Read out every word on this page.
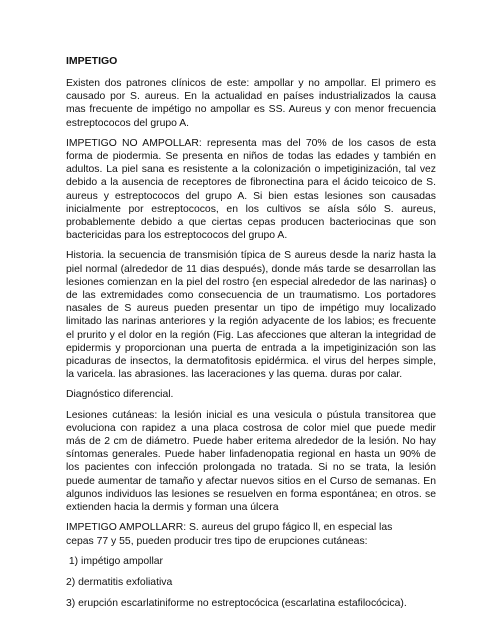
IMPETIGO

Existen dos patrones clínicos de este: ampollar y no ampollar. El primero es causado por S. aureus. En la actualidad en países industrializados la causa mas frecuente de impétigo no ampollar es SS. Aureus y con menor frecuencia estreptococos del grupo A.

IMPETIGO NO AMPOLLAR: representa mas del 70% de los casos de esta forma de piodermia. Se presenta en niños de todas las edades y también en adultos. La piel sana es resistente a la colonización o impetiginización, tal vez debido a la ausencia de receptores de fibronectina para el ácido teicoico de S. aureus y estreptococos del grupo A. Si bien estas lesiones son causadas inicialmente por estreptococos, en los cultivos se aísla sólo S. aureus, probablemente debido a que ciertas cepas producen bacteriocinas que son bactericidas para los estreptococos del grupo A.

Historia. la secuencia de transmisión típica de S aureus desde la nariz hasta la piel normal (alrededor de 11 dias después), donde más tarde se desarrollan las lesiones comienzan en la piel del rostro {en especial alrededor de las narinas} o de las extremidades como consecuencia de un traumatismo. Los portadores nasales de S aureus pueden presentar un tipo de impétigo muy localizado limitado las narinas anteriores y la región adyacente de los labios; es frecuente el prurito y el dolor en la región (Fig. Las afecciones que alteran la integridad de epidermis y proporcionan una puerta de entrada a la impetiginización son las picaduras de insectos, la dermatofitosis epidérmica. el virus del herpes simple, la varicela. las abrasiones. las laceraciones y las quema. duras por calar.

Diagnóstico diferencial.

Lesiones cutáneas: la lesión inicial es una vesicula o pústula transitorea que evoluciona con rapidez a una placa costrosa de color miel que puede medir más de 2 cm de diámetro. Puede haber eritema alrededor de la lesión. No hay síntomas generales. Puede haber linfadenopatia regional en hasta un 90% de los pacientes con infección prolongada no tratada. Si no se trata, la lesión puede aumentar de tamaño y afectar nuevos sitios en el Curso de semanas. En algunos individuos las lesiones se resuelven en forma espontánea; en otros. se extienden hacia la dermis y forman una úlcera

IMPETIGO AMPOLLARR: S. aureus del grupo fágico ll, en especial las
cepas 77 y 55, pueden producir tres tipo de erupciones cutáneas:

1) impétigo ampollar
2) dermatitis exfoliativa
3) erupción escarlatiniforme no estreptocócica (escarlatina estafilocócica).
